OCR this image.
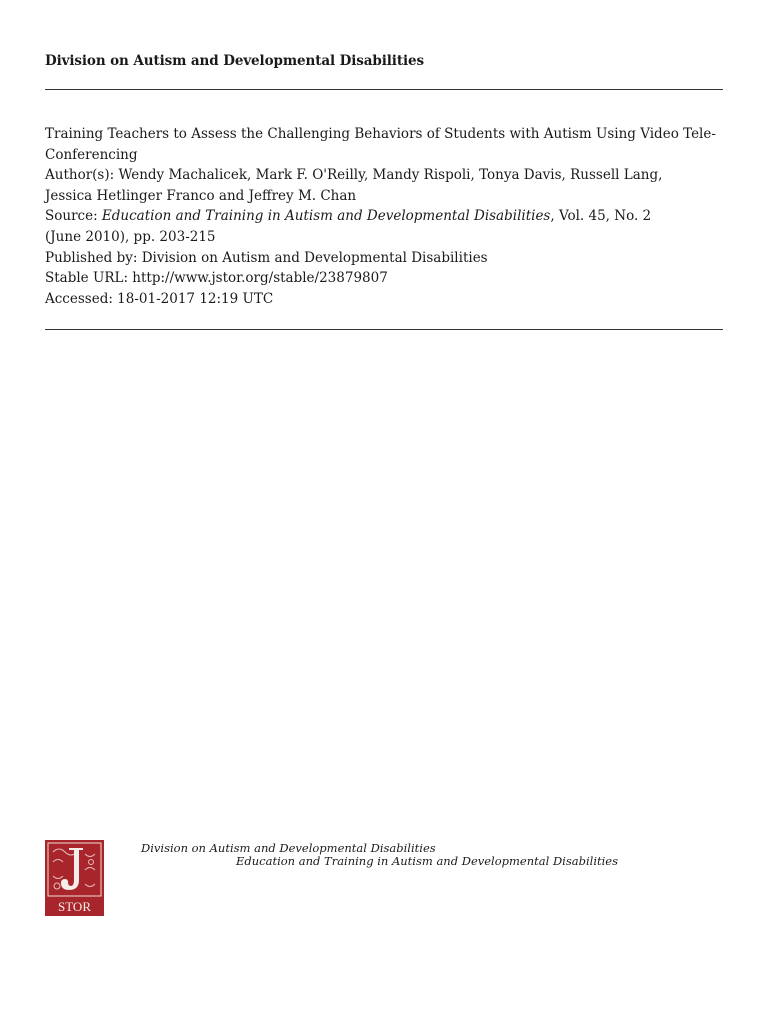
Division on Autism and Developmental Disabilities
Training Teachers to Assess the Challenging Behaviors of Students with Autism Using Video Tele-Conferencing
Author(s): Wendy Machalicek, Mark F. O'Reilly, Mandy Rispoli, Tonya Davis, Russell Lang,
Jessica Hetlinger Franco and Jeffrey M. Chan
Source: Education and Training in Autism and Developmental Disabilities, Vol. 45, No. 2
(June 2010), pp. 203-215
Published by: Division on Autism and Developmental Disabilities
Stable URL: http://www.jstor.org/stable/23879807
Accessed: 18-01-2017 12:19 UTC
STOR
Division on Autism and Developmental Disabilities
Education and Training in Autism and Developmental Disabilities
